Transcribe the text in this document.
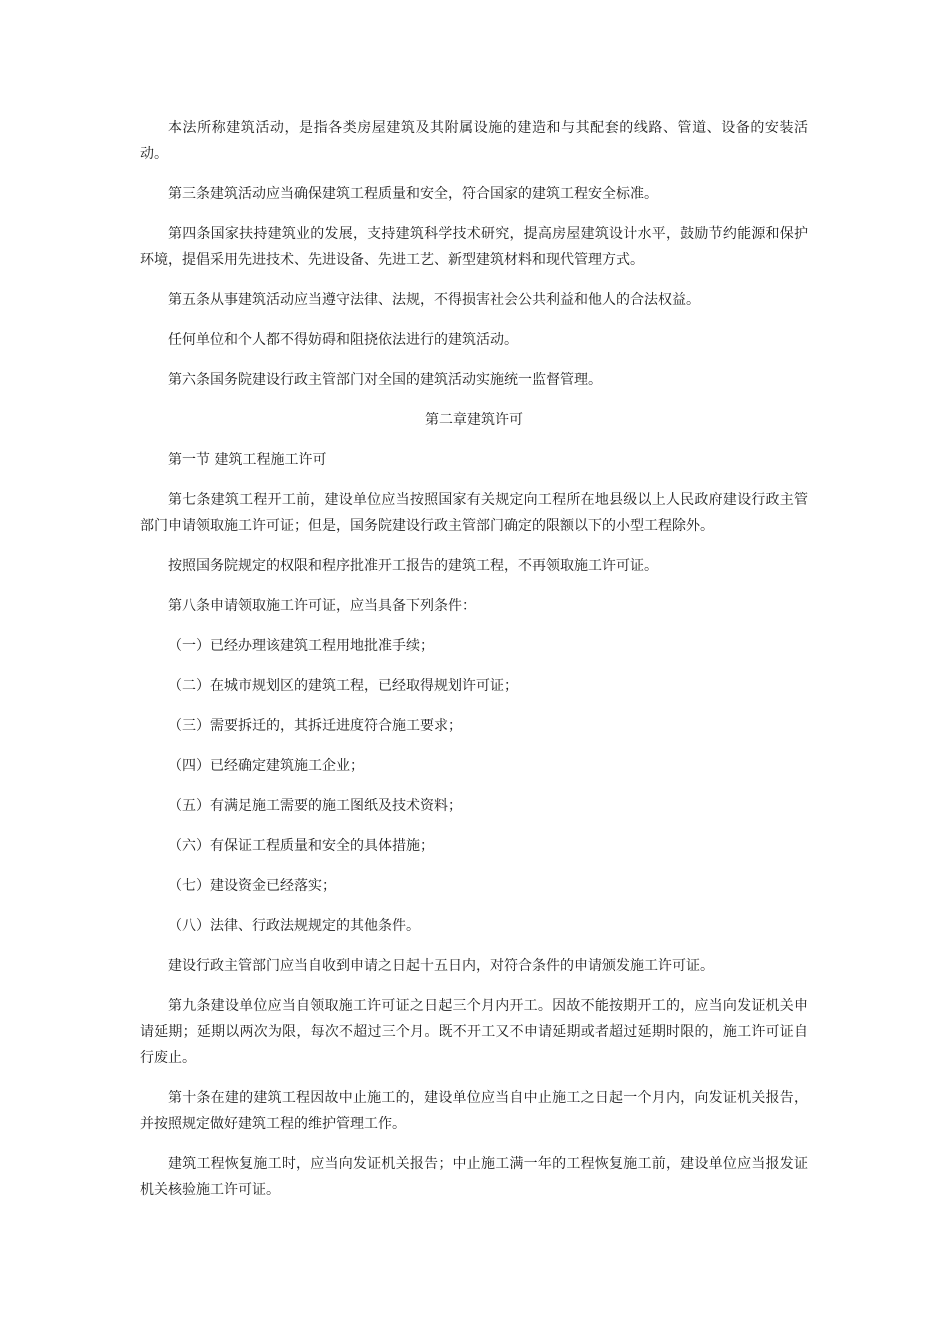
本法所称建筑活动，是指各类房屋建筑及其附属设施的建造和与其配套的线路、管道、设备的安装活动。

第三条建筑活动应当确保建筑工程质量和安全，符合国家的建筑工程安全标准。

第四条国家扶持建筑业的发展，支持建筑科学技术研究，提高房屋建筑设计水平，鼓励节约能源和保护环境，提倡采用先进技术、先进设备、先进工艺、新型建筑材料和现代管理方式。

第五条从事建筑活动应当遵守法律、法规，不得损害社会公共利益和他人的合法权益。

任何单位和个人都不得妨碍和阻挠依法进行的建筑活动。

第六条国务院建设行政主管部门对全国的建筑活动实施统一监督管理。

第二章建筑许可

第一节 建筑工程施工许可

第七条建筑工程开工前，建设单位应当按照国家有关规定向工程所在地县级以上人民政府建设行政主管部门申请领取施工许可证；但是，国务院建设行政主管部门确定的限额以下的小型工程除外。

按照国务院规定的权限和程序批准开工报告的建筑工程，不再领取施工许可证。

第八条申请领取施工许可证，应当具备下列条件：

（一）已经办理该建筑工程用地批准手续；

（二）在城市规划区的建筑工程，已经取得规划许可证；

（三）需要拆迁的，其拆迁进度符合施工要求；

（四）已经确定建筑施工企业；

（五）有满足施工需要的施工图纸及技术资料；

（六）有保证工程质量和安全的具体措施；

（七）建设资金已经落实；

（八）法律、行政法规规定的其他条件。

建设行政主管部门应当自收到申请之日起十五日内，对符合条件的申请颁发施工许可证。

第九条建设单位应当自领取施工许可证之日起三个月内开工。因故不能按期开工的，应当向发证机关申请延期；延期以两次为限，每次不超过三个月。既不开工又不申请延期或者超过延期时限的，施工许可证自行废止。

第十条在建的建筑工程因故中止施工的，建设单位应当自中止施工之日起一个月内，向发证机关报告，并按照规定做好建筑工程的维护管理工作。

建筑工程恢复施工时，应当向发证机关报告；中止施工满一年的工程恢复施工前，建设单位应当报发证机关核验施工许可证。
